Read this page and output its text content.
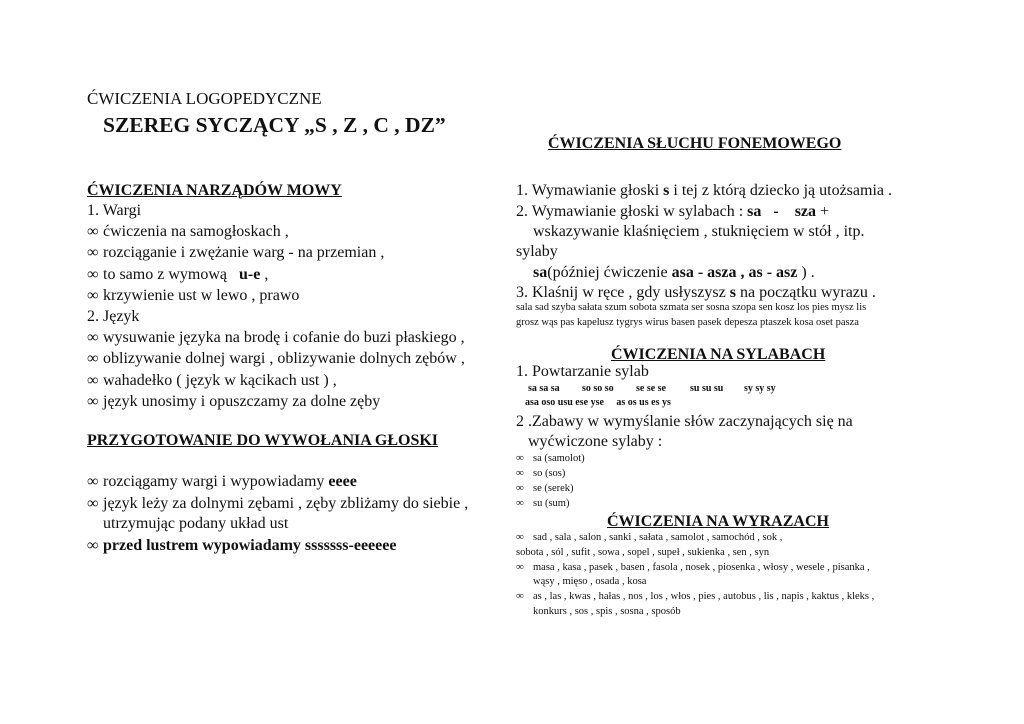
ĆWICZENIA LOGOPEDYCZNE
SZEREG SYCZĄCY „S , Z , C , DZ”
ĆWICZENIA NARZĄDÓW MOWY
1. Wargi
∞ ćwiczenia na samogłoskach ,
∞ rozciąganie i zwężanie warg - na przemian ,
∞ to samo z wymową u-e ,
∞ krzywienie ust w lewo , prawo
2. Język
∞ wysuwanie języka na brodę i cofanie do buzi płaskiego ,
∞ oblizywanie dolnej wargi , oblizywanie dolnych zębów ,
∞ wahadełko ( język w kącikach ust ) ,
∞ język unosimy i opuszczamy za dolne zęby
PRZYGOTOWANIE DO WYWOŁANIA GŁOSKI
∞ rozciągamy wargi i wypowiadamy eeee
∞ język leży za dolnymi zębami , zęby zbliżamy do siebie ,
utrzymując podany układ ust
∞ przed lustrem wypowiadamy sssssss-eeeeee
ĆWICZENIA SŁUCHU FONEMOWEGO
1. Wymawianie głoski s i tej z którą dziecko ją utożsamia .
2. Wymawianie głoski w sylabach : sa   -    sza +
wskazywanie klaśnięciem , stuknięciem w stół , itp.
sylaby
sa(później ćwiczenie asa - asza , as - asz ) .
3. Klaśnij w ręce , gdy usłyszysz s na początku wyrazu .
sala sad szyba sałata szum sobota szmata ser sosna szopa sen kosz los pies mysz lis
grosz wąs pas kapelusz tygrys wirus basen pasek depesza ptaszek kosa oset pasza
ĆWICZENIA NA SYLABACH
1. Powtarzanie sylab
sa sa sa so so so se se se su su su sy sy sy
asa oso usu ese yse     as os us es ys
2 .Zabawy w wymyślanie słów zaczynających się na
wyćwiczone sylaby :
∞ sa (samolot)
∞ so (sos)
∞ se (serek)
∞ su (sum)
ĆWICZENIA NA WYRAZACH
∞ sad , sala , salon , sanki , sałata , samolot , samochód , sok ,
sobota , sól , sufit , sowa , sopel , supeł , sukienka , sen , syn
∞ masa , kasa , pasek , basen , fasola , nosek , piosenka , włosy , wesele , pisanka ,
wąsy , mięso , osada , kosa
∞ as , las , kwas , hałas , nos , los , włos , pies , autobus , lis , napis , kaktus , kleks ,
konkurs , sos , spis , sosna , sposób
